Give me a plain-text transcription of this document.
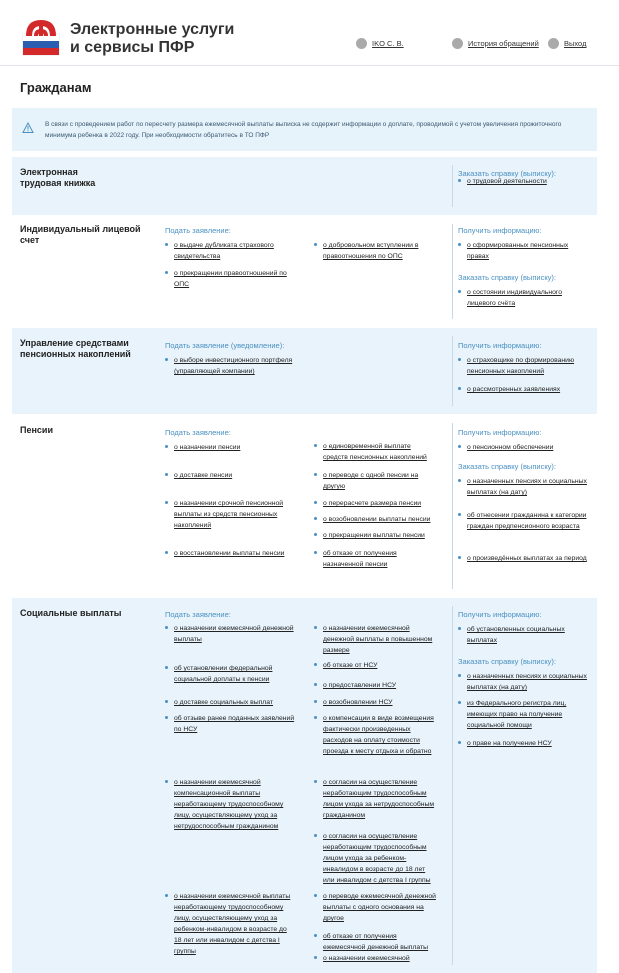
Электронные услуги
и сервисы ПФР	IKO С. В.	История обращений	Выход
Гражданам
В связи с проведением работ по пересчету размера ежемесячной выплаты выписка не содержит информации о доплате, проводимой с учетом увеличения прожиточного минимума ребенка в 2022 году. При необходимости обратитесь в ТО ПФР
Электронная трудовая книжка
Заказать справку (выписку):
о трудовой деятельности
Индивидуальный лицевой счет
Подать заявление:
о выдаче дубликата страхового свидетельства
о прекращении правоотношений по ОПС
о добровольном вступлении в правоотношения по ОПС
Получить информацию:
о сформированных пенсионных правах
Заказать справку (выписку):
о состоянии индивидуального лицевого счёта
Управление средствами пенсионных накоплений
Подать заявление (уведомление):
о выборе инвестиционного портфеля (управляющей компании)
Получить информацию:
о страховщике по формированию пенсионных накоплений
о рассмотренных заявлениях
Пенсии	Подать заявление:
о назначении пенсии
о доставке пенсии
о назначении срочной пенсионной выплаты из средств пенсионных накоплений
о восстановлении выплаты пенсии
о единовременной выплате средств пенсионных накоплений
о переводе с одной пенсии на другую
о перерасчете размера пенсии
о возобновлении выплаты пенсии
о прекращении выплаты пенсии
об отказе от получения назначенной пенсии
Получить информацию:
о пенсионном обеспечении
Заказать справку (выписку):
о назначенных пенсиях и социальных выплатах (на дату)
об отнесении гражданина к категории граждан предпенсионного возраста
о произведённых выплатах за период
Социальные выплаты	Подать заявление:
о назначении ежемесячной денежной выплаты
об установлении федеральной социальной доплаты к пенсии
о доставке социальных выплат
об отзыве ранее поданных заявлений по НСУ
о назначении ежемесячной компенсационной выплаты неработающему трудоспособному лицу, осуществляющему уход за нетрудоспособным гражданином
о назначении ежемесячной выплаты неработающему трудоспособному лицу, осуществляющему уход за ребенком-инвалидом в возрасте до 18 лет или инвалидом с детства I группы
о назначении ежемесячной денежной выплаты в повышенном размере
об отказе от НСУ
о предоставлении НСУ
о возобновлении НСУ
о компенсации в виде возмещения фактически произведенных расходов на оплату стоимости проезда к месту отдыха и обратно
о согласии на осуществление неработающим трудоспособным лицом ухода за нетрудоспособным гражданином
о согласии на осуществление неработающим трудоспособным лицом ухода за ребенком-инвалидом в возрасте до 18 лет или инвалидом с детства I группы
о переводе ежемесячной денежной выплаты с одного основания на другое
об отказе от получения ежемесячной денежной выплаты
о назначении ежемесячной
Получить информацию:
об установленных социальных выплатах
Заказать справку (выписку):
о назначенных пенсиях и социальных выплатах (на дату)
из Федерального регистра лиц, имеющих право на получение социальной помощи
о праве на получение НСУ
